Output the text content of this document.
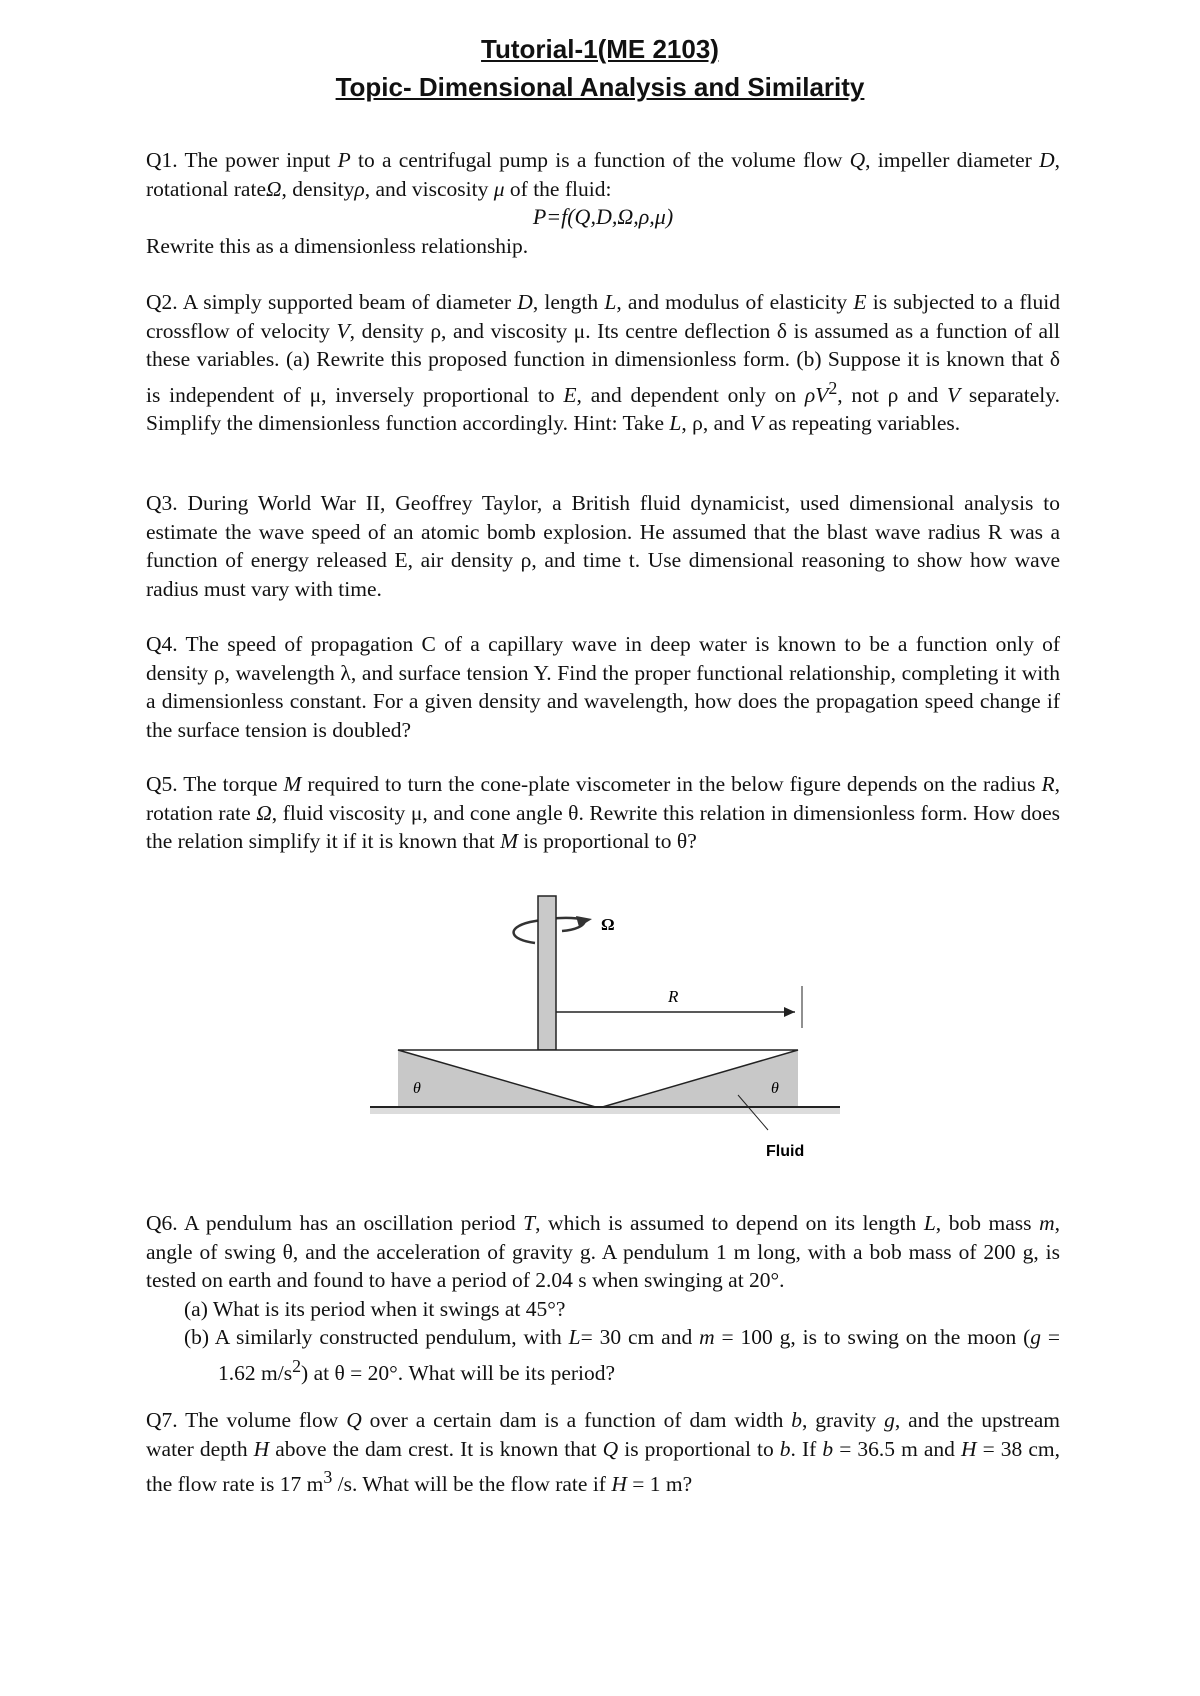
Tutorial-1(ME 2103)
Topic- Dimensional Analysis and Similarity
Q1. The power input P to a centrifugal pump is a function of the volume flow Q, impeller diameter D, rotational rateΩ, densityρ, and viscosity μ of the fluid:
P=f(Q,D,Ω,ρ,μ)
Rewrite this as a dimensionless relationship.
Q2. A simply supported beam of diameter D, length L, and modulus of elasticity E is subjected to a fluid crossflow of velocity V, density ρ, and viscosity μ. Its centre deflection δ is assumed as a function of all these variables. (a) Rewrite this proposed function in dimensionless form. (b) Suppose it is known that δ is independent of μ, inversely proportional to E, and dependent only on $\rho V^2$, not ρ and V separately. Simplify the dimensionless function accordingly. Hint: Take L, ρ, and V as repeating variables.
Q3. During World War II, Geoffrey Taylor, a British fluid dynamicist, used dimensional analysis to estimate the wave speed of an atomic bomb explosion. He assumed that the blast wave radius R was a function of energy released E, air density ρ, and time t. Use dimensional reasoning to show how wave radius must vary with time.
Q4. The speed of propagation C of a capillary wave in deep water is known to be a function only of density ρ, wavelength λ, and surface tension Y. Find the proper functional relationship, completing it with a dimensionless constant. For a given density and wavelength, how does the propagation speed change if the surface tension is doubled?
Q5. The torque M required to turn the cone-plate viscometer in the below figure depends on the radius R, rotation rate Ω, fluid viscosity μ, and cone angle θ. Rewrite this relation in dimensionless form. How does the relation simplify it if it is known that M is proportional to θ?
Ω
R
θ	θ
Fluid
Q6. A pendulum has an oscillation period T, which is assumed to depend on its length L, bob mass m, angle of swing θ, and the acceleration of gravity g. A pendulum 1 m long, with a bob mass of 200 g, is tested on earth and found to have a period of 2.04 s when swinging at 20°.
(a) What is its period when it swings at 45°?
(b) A similarly constructed pendulum, with L= 30 cm and m = 100 g, is to swing on the moon (g = 1.62 $m/s^2$) at θ = 20°. What will be its period?
Q7. The volume flow Q over a certain dam is a function of dam width b, gravity g, and the upstream water depth H above the dam crest. It is known that Q is proportional to b. If b = 36.5 m and H = 38 cm, the flow rate is 17 $m^3$ /s. What will be the flow rate if H = 1 m?
